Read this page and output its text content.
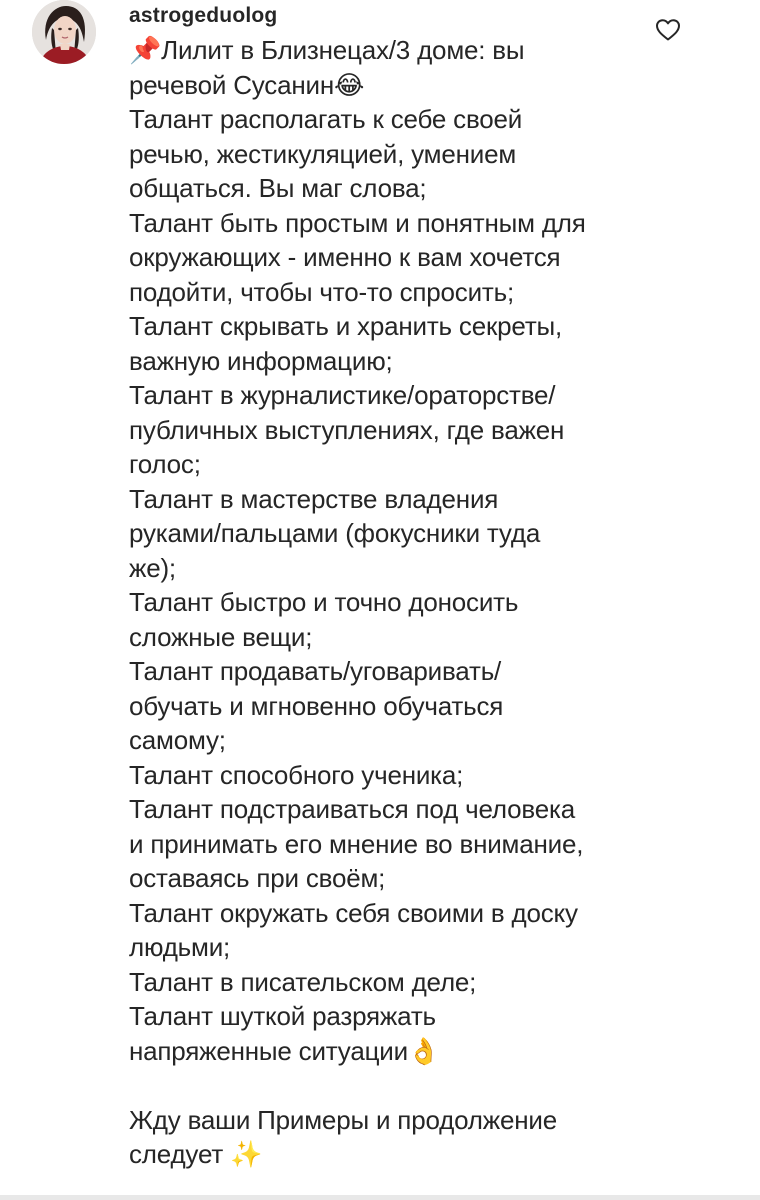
astrogeduolog
📌Лилит в Близнецах/3 доме: вы
речевой Сусанин😂
Талант располагать к себе своей
речью, жестикуляцией, умением
общаться. Вы маг слова;
Талант быть простым и понятным для
окружающих - именно к вам хочется
подойти, чтобы что-то спросить;
Талант скрывать и хранить секреты,
важную информацию;
Талант в журналистике/ораторстве/
публичных выступлениях, где важен
голос;
Талант в мастерстве владения
руками/пальцами (фокусники туда
же);
Талант быстро и точно доносить
сложные вещи;
Талант продавать/уговаривать/
обучать и мгновенно обучаться
самому;
Талант способного ученика;
Талант подстраиваться под человека
и принимать его мнение во внимание,
оставаясь при своём;
Талант окружать себя своими в доску
людьми;
Талант в писательском деле;
Талант шуткой разряжать
напряженные ситуации👌

Жду ваши Примеры и продолжение
следует ✨
